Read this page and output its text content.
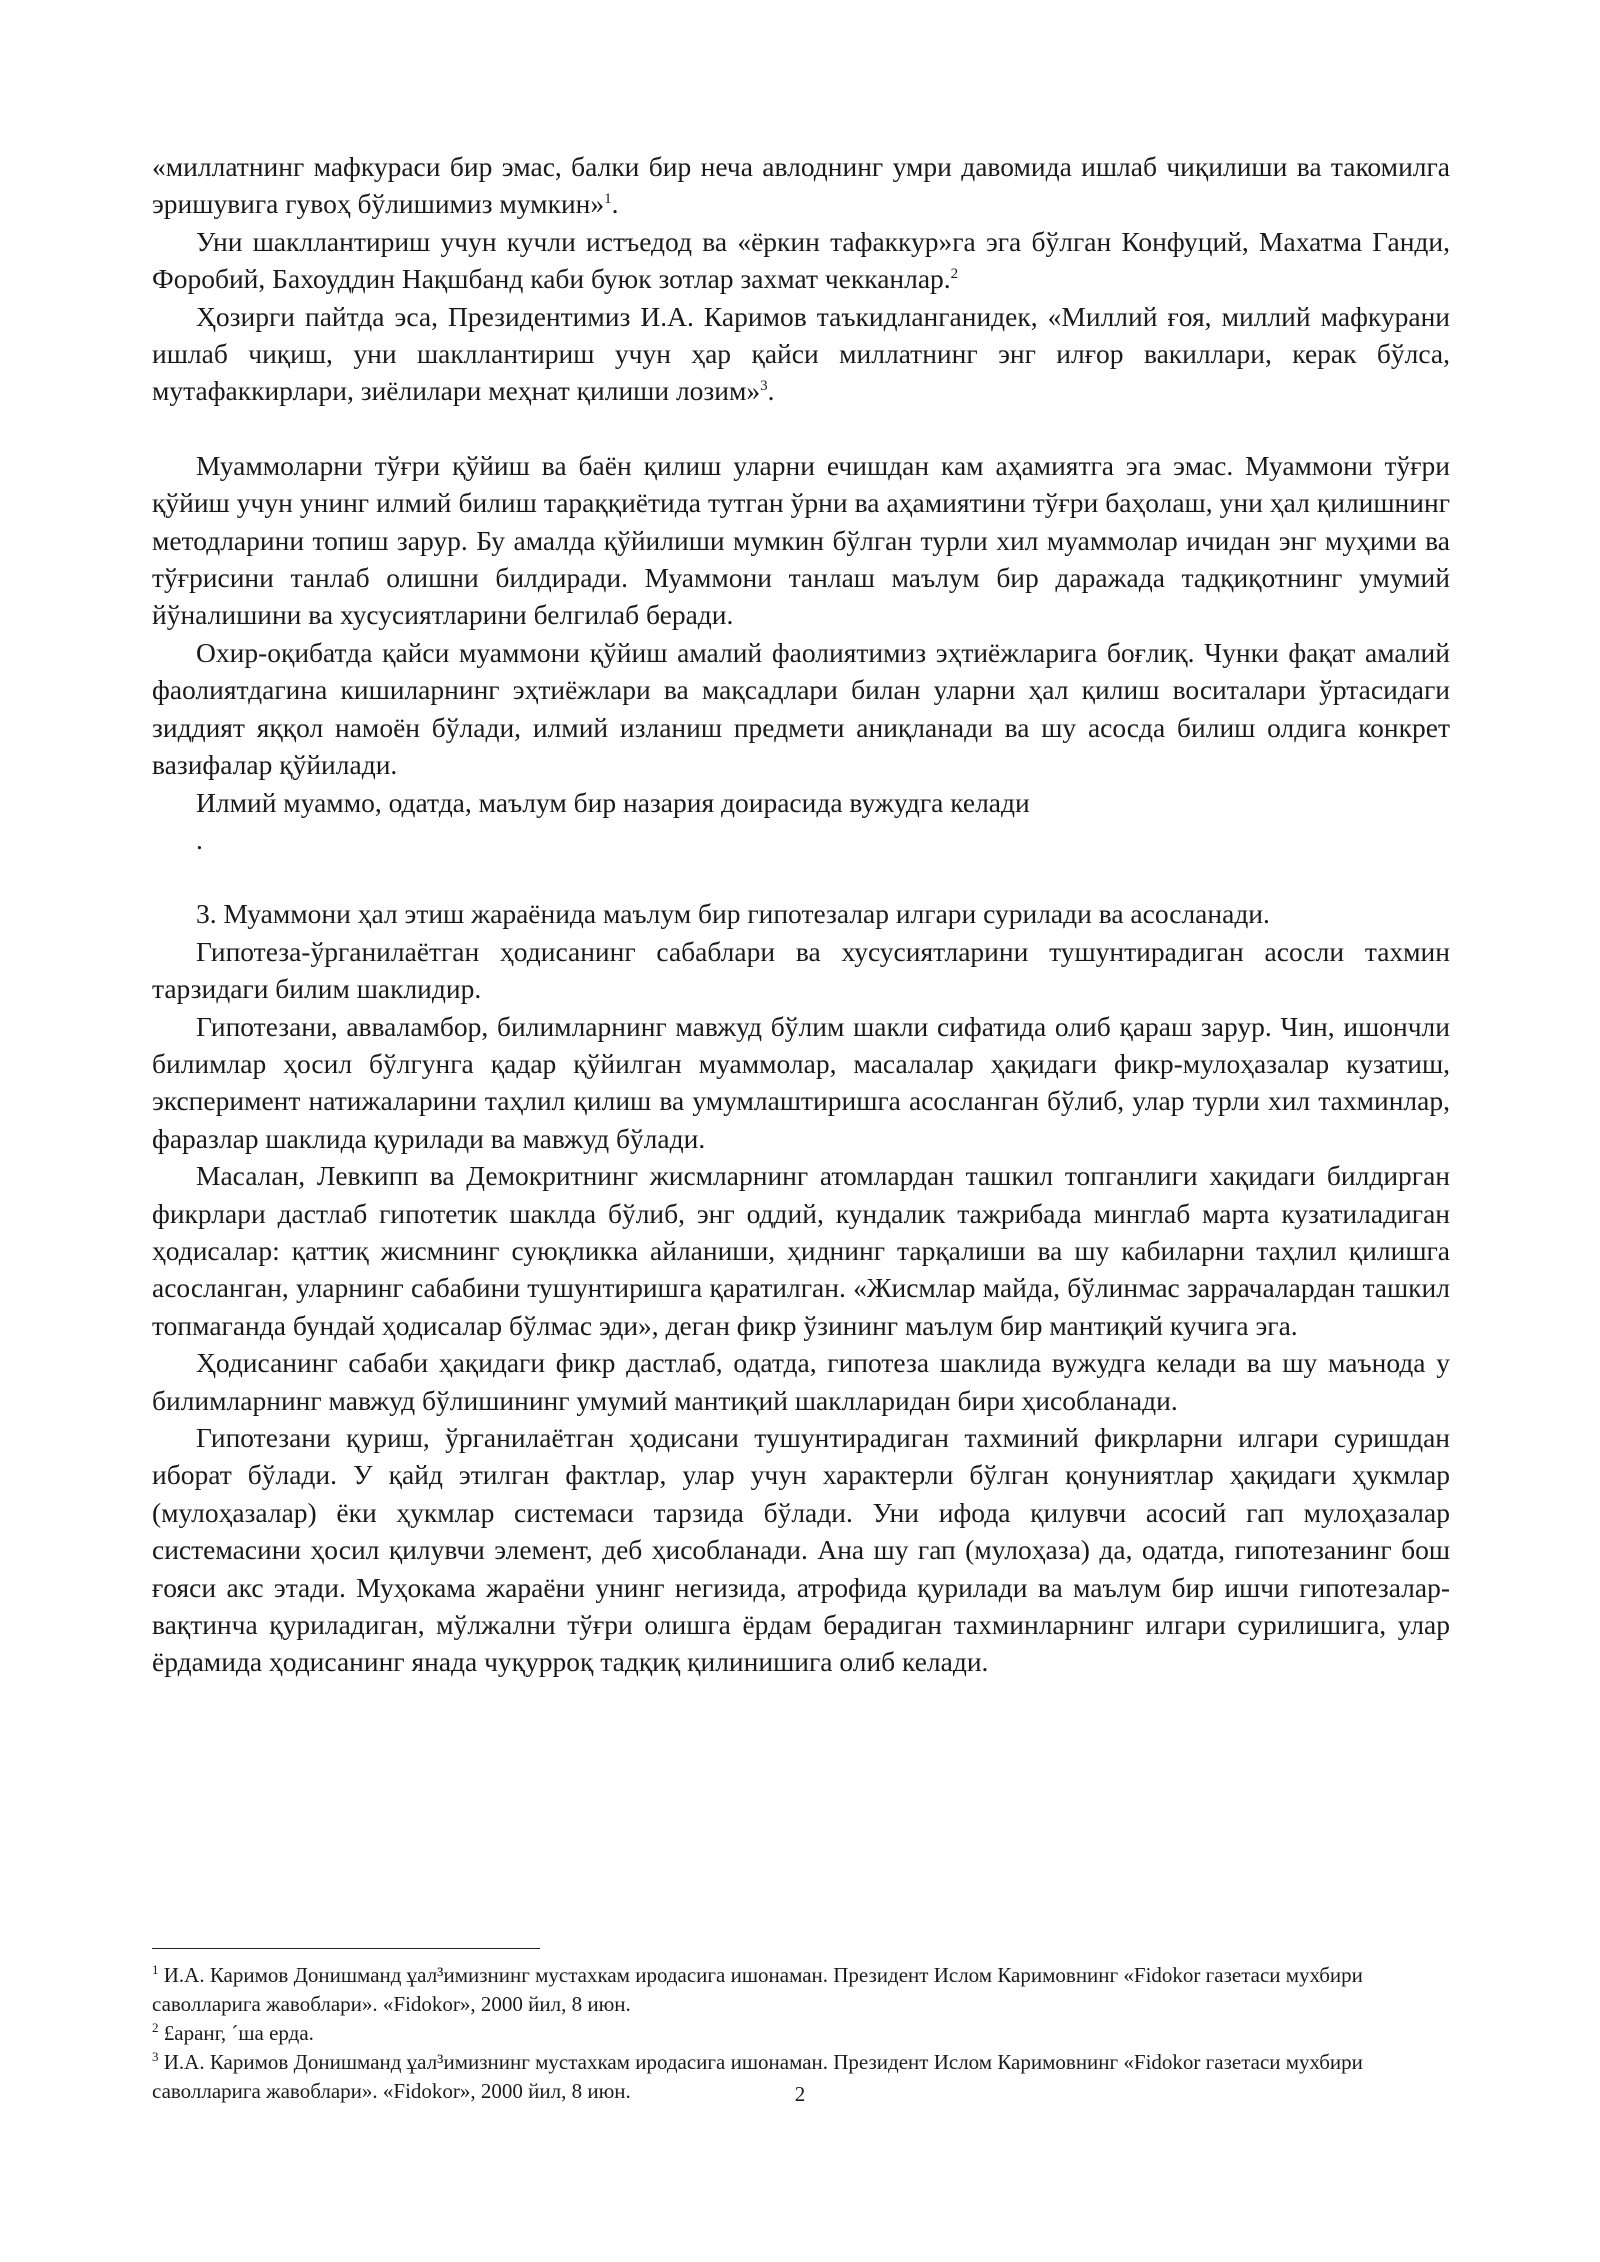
«миллатнинг мафкураси бир эмас, балки бир неча авлоднинг умри давомида ишлаб чиқилиши ва такомилга эришувига гувоҳ бўлишимиз мумкин»$^1$.

Уни шакллантириш учун кучли истъедод ва «ёркин тафаккур»га эга бўлган Конфуций, Махатма Ганди, Форобий, Бахоуддин Нақшбанд каби буюк зотлар захмат чекканлар.$^2$

Ҳозирги пайтда эса, Президентимиз И.А. Каримов таъкидланганидек, «Миллий ғоя, миллий мафкурани ишлаб чиқиш, уни шакллантириш учун ҳар қайси миллатнинг энг илғор вакиллари, керак бўлса, мутафаккирлари, зиёлилари меҳнат қилиши лозим»$^3$.

Муаммоларни тўғри қўйиш ва баён қилиш уларни ечишдан кам аҳамиятга эга эмас. Муаммони тўғри қўйиш учун унинг илмий билиш тараққиётида тутган ўрни ва аҳамиятини тўғри баҳолаш, уни ҳал қилишнинг методларини топиш зарур. Бу амалда қўйилиши мумкин бўлган турли хил муаммолар ичидан энг муҳими ва тўғрисини танлаб олишни билдиради. Муаммони танлаш маълум бир даражада тадқиқотнинг умумий йўналишини ва хусусиятларини белгилаб беради.

Охир-оқибатда қайси муаммони қўйиш амалий фаолиятимиз эҳтиёжларига боғлиқ. Чунки фақат амалий фаолиятдагина кишиларнинг эҳтиёжлари ва мақсадлари билан уларни ҳал қилиш воситалари ўртасидаги зиддият яққол намоён бўлади, илмий изланиш предмети аниқланади ва шу асосда билиш олдига конкрет вазифалар қўйилади.

Илмий муаммо, одатда, маълум бир назария доирасида вужудга келади

.

3. Муаммони ҳал этиш жараёнида маълум бир гипотезалар илгари сурилади ва асосланади.

Гипотеза-ўрганилаётган ҳодисанинг сабаблари ва хусусиятларини тушунтирадиган асосли тахмин тарзидаги билим шаклидир.

Гипотезани, авваламбор, билимларнинг мавжуд бўлим шакли сифатида олиб қараш зарур. Чин, ишончли билимлар ҳосил бўлгунга қадар қўйилган муаммолар, масалалар ҳақидаги фикр-мулоҳазалар кузатиш, эксперимент натижаларини таҳлил қилиш ва умумлаштиришга асосланган бўлиб, улар турли хил тахминлар, фаразлар шаклида қурилади ва мавжуд бўлади.

Масалан, Левкипп ва Демокритнинг жисмларнинг атомлардан ташкил топганлиги хақидаги билдирган фикрлари дастлаб гипотетик шаклда бўлиб, энг оддий, кундалик тажрибада минглаб марта кузатиладиган ҳодисалар: қаттиқ жисмнинг суюқликка айланиши, ҳиднинг тарқалиши ва шу кабиларни таҳлил қилишга асосланган, уларнинг сабабини тушунтиришга қаратилган. «Жисмлар майда, бўлинмас заррачалардан ташкил топмаганда бундай ҳодисалар бўлмас эди», деган фикр ўзининг маълум бир мантиқий кучига эга.

Ҳодисанинг сабаби ҳақидаги фикр дастлаб, одатда, гипотеза шаклида вужудга келади ва шу маънода у билимларнинг мавжуд бўлишининг умумий мантиқий шаклларидан бири ҳисобланади.

Гипотезани қуриш, ўрганилаётган ҳодисани тушунтирадиган тахминий фикрларни илгари суришдан иборат бўлади. У қайд этилган фактлар, улар учун характерли бўлган қонуниятлар ҳақидаги ҳукмлар (мулоҳазалар) ёки ҳукмлар системаси тарзида бўлади. Уни ифода қилувчи асосий гап мулоҳазалар системасини ҳосил қилувчи элемент, деб ҳисобланади. Ана шу гап (мулоҳаза) да, одатда, гипотезанинг бош ғояси акс этади. Муҳокама жараёни унинг негизида, атрофида қурилади ва маълум бир ишчи гипотезалар-вақтинча қуриладиган, мўлжални тўғри олишга ёрдам берадиган тахминларнинг илгари сурилишига, улар ёрдамида ҳодисанинг янада чуқурроқ тадқиқ қилинишига олиб келади.

$^1$ И.А. Каримов Донишманд ұал³имизнинг мустахкам иродасига ишонаман. Президент Ислом Каримовнинг «Fidokor газетаси мухбири саволларига жавоблари». «Fidokor», 2000 йил, 8 июн.

$^2$ £аранг, ´ша ерда.

$^3$ И.А. Каримов Донишманд ұал³имизнинг мустахкам иродасига ишонаман. Президент Ислом Каримовнинг «Fidokor газетаси мухбири саволларига жавоблари». «Fidokor», 2000 йил, 8 июн.	2
